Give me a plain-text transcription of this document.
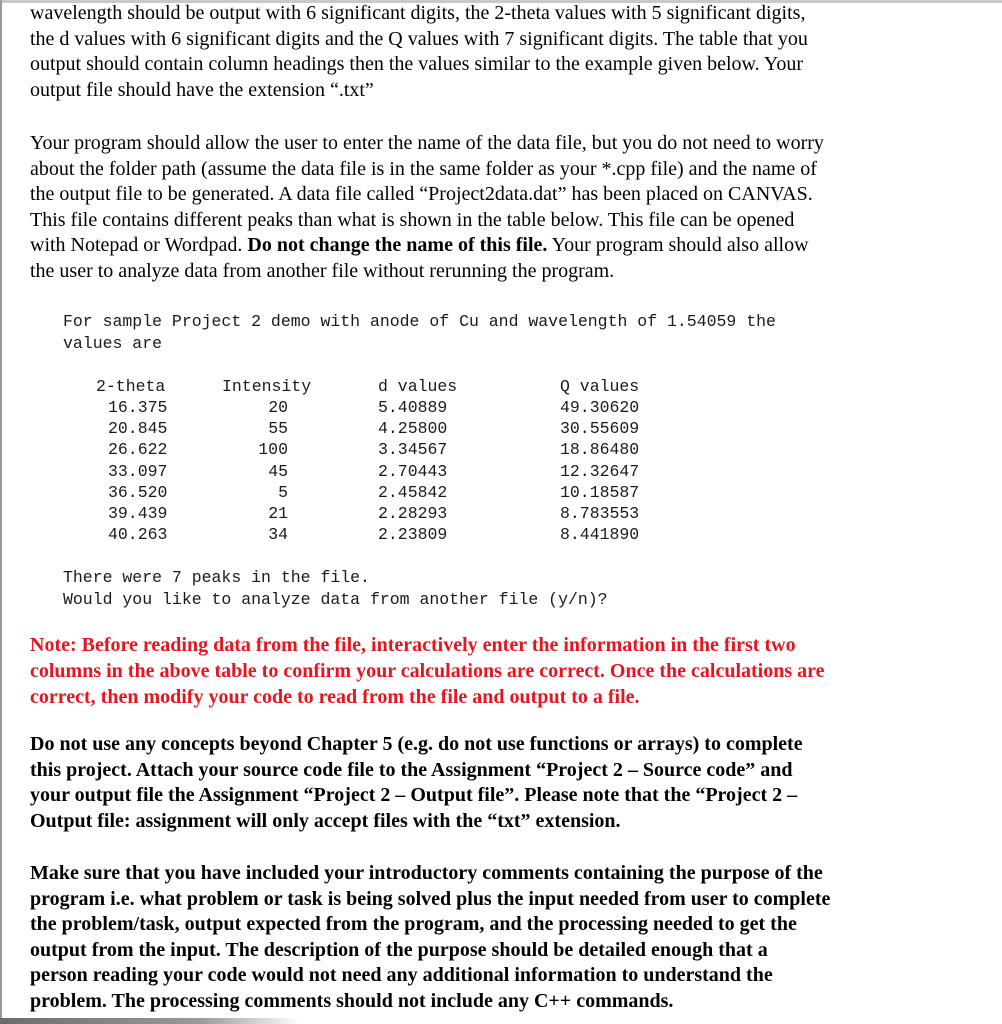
wavelength should be output with 6 significant digits, the 2-theta values with 5 significant digits,
the d values with 6 significant digits and the Q values with 7 significant digits. The table that you
output should contain column headings then the values similar to the example given below. Your
output file should have the extension “.txt”

Your program should allow the user to enter the name of the data file, but you do not need to worry
about the folder path (assume the data file is in the same folder as your *.cpp file) and the name of
the output file to be generated. A data file called “Project2data.dat” has been placed on CANVAS.
This file contains different peaks than what is shown in the table below. This file can be opened
with Notepad or Wordpad. Do not change the name of this file. Your program should also allow
the user to analyze data from another file without rerunning the program.

For sample Project 2 demo with anode of Cu and wavelength of 1.54059 the
values are
2-theta	Intensity	d values	Q values
16.375	20	5.40889	49.30620
20.845	55	4.25800	30.55609
26.622	100	3.34567	18.86480
33.097	45	2.70443	12.32647
36.520	5	2.45842	10.18587
39.439	21	2.28293	8.783553
40.263	34	2.23809	8.441890
There were 7 peaks in the file.
Would you like to analyze data from another file (y/n)?

Note: Before reading data from the file, interactively enter the information in the first two
columns in the above table to confirm your calculations are correct. Once the calculations are
correct, then modify your code to read from the file and output to a file.

Do not use any concepts beyond Chapter 5 (e.g. do not use functions or arrays) to complete
this project. Attach your source code file to the Assignment “Project 2 – Source code” and
your output file the Assignment “Project 2 – Output file”. Please note that the “Project 2 –
Output file: assignment will only accept files with the “txt” extension.

Make sure that you have included your introductory comments containing the purpose of the
program i.e. what problem or task is being solved plus the input needed from user to complete
the problem/task, output expected from the program, and the processing needed to get the
output from the input. The description of the purpose should be detailed enough that a
person reading your code would not need any additional information to understand the
problem. The processing comments should not include any C++ commands.
